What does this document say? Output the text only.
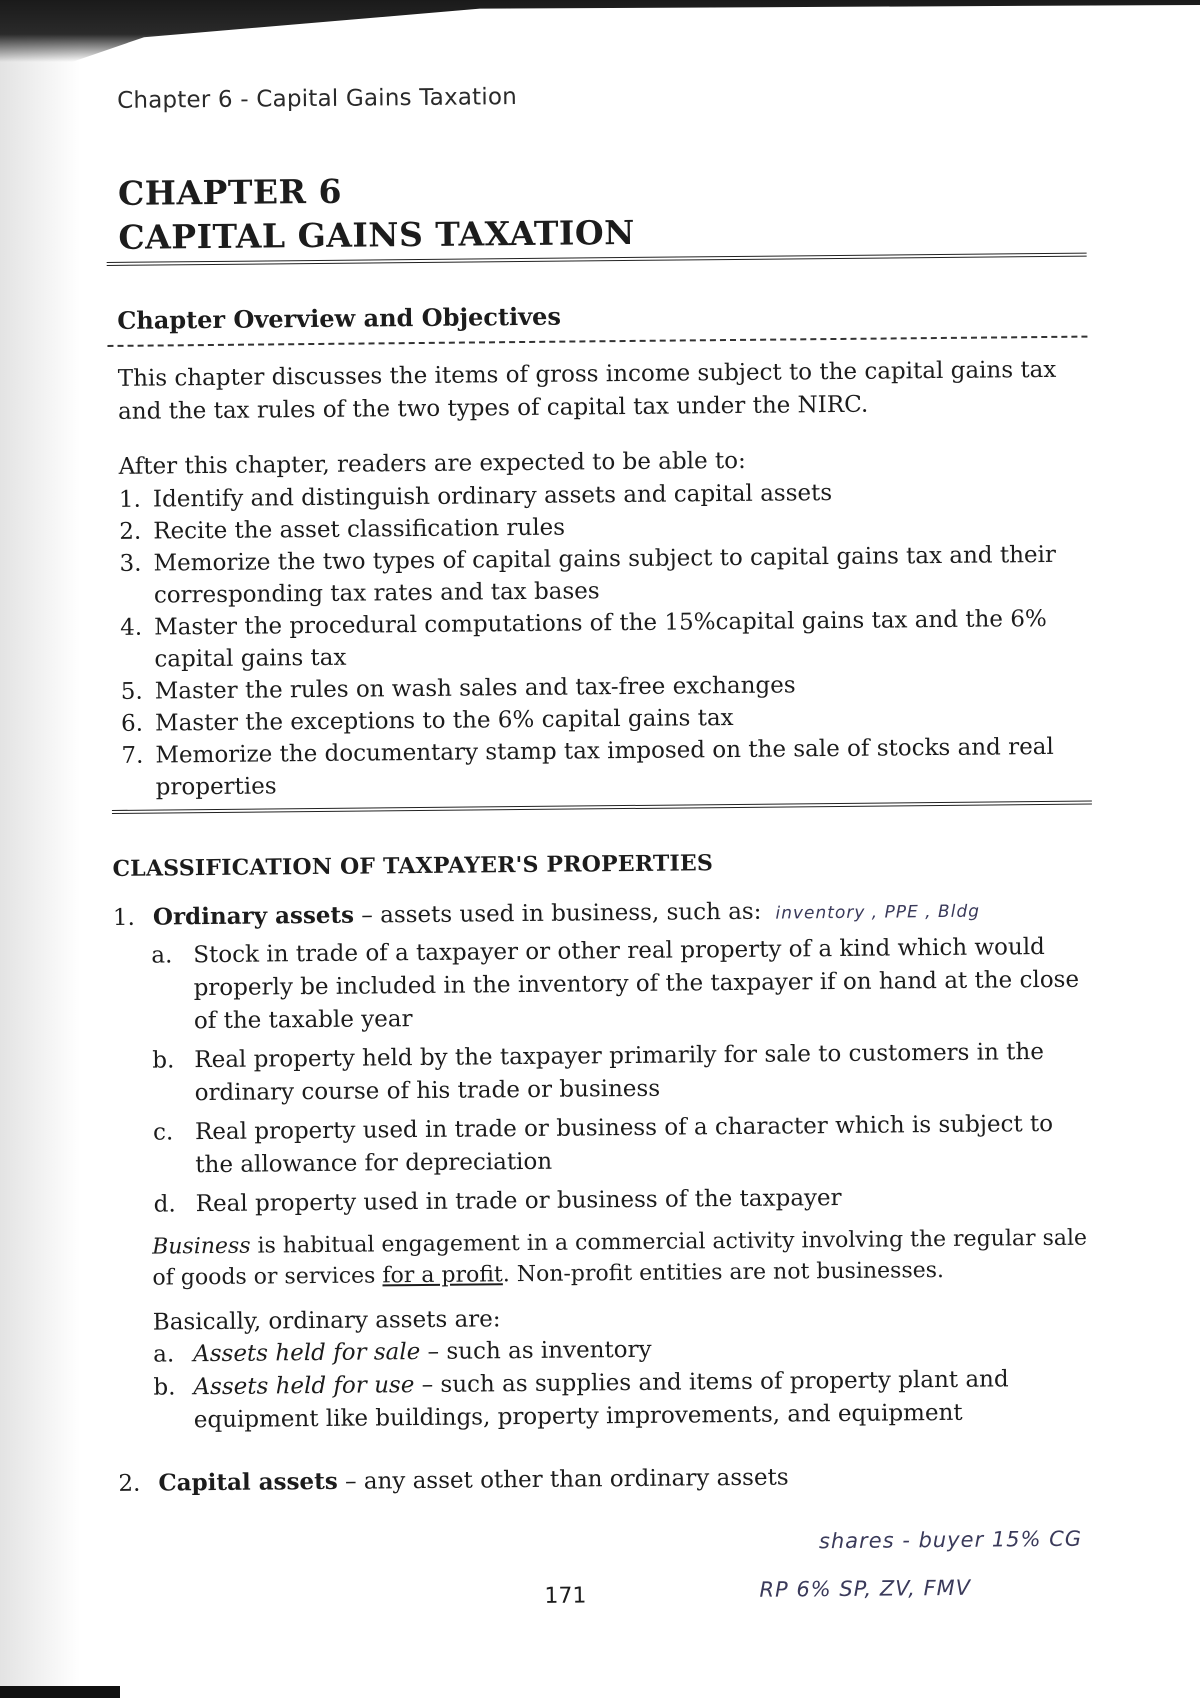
Chapter 6 - Capital Gains Taxation
CHAPTER 6
CAPITAL GAINS TAXATION
Chapter Overview and Objectives

This chapter discusses the items of gross income subject to the capital gains tax and the tax rules of the two types of capital tax under the NIRC.

After this chapter, readers are expected to be able to:

1. Identify and distinguish ordinary assets and capital assets
2. Recite the asset classification rules
3. Memorize the two types of capital gains subject to capital gains tax and their corresponding tax rates and tax bases
4. Master the procedural computations of the 15%capital gains tax and the 6% capital gains tax
5. Master the rules on wash sales and tax-free exchanges
6. Master the exceptions to the 6% capital gains tax
7. Memorize the documentary stamp tax imposed on the sale of stocks and real properties
CLASSIFICATION OF TAXPAYER'S PROPERTIES
1. Ordinary assets – assets used in business, such as: inventory , PPE , Bldg
a. Stock in trade of a taxpayer or other real property of a kind which would properly be included in the inventory of the taxpayer if on hand at the close of the taxable year
b. Real property held by the taxpayer primarily for sale to customers in the ordinary course of his trade or business
c. Real property used in trade or business of a character which is subject to the allowance for depreciation
d. Real property used in trade or business of the taxpayer

Business is habitual engagement in a commercial activity involving the regular sale of goods or services for a profit. Non-profit entities are not businesses.

Basically, ordinary assets are:

a. Assets held for sale – such as inventory
b. Assets held for use – such as supplies and items of property plant and equipment like buildings, property improvements, and equipment
2. Capital assets – any asset other than ordinary assets
shares - buyer 15% CG
RP 6% SP, ZV, FMV
171
